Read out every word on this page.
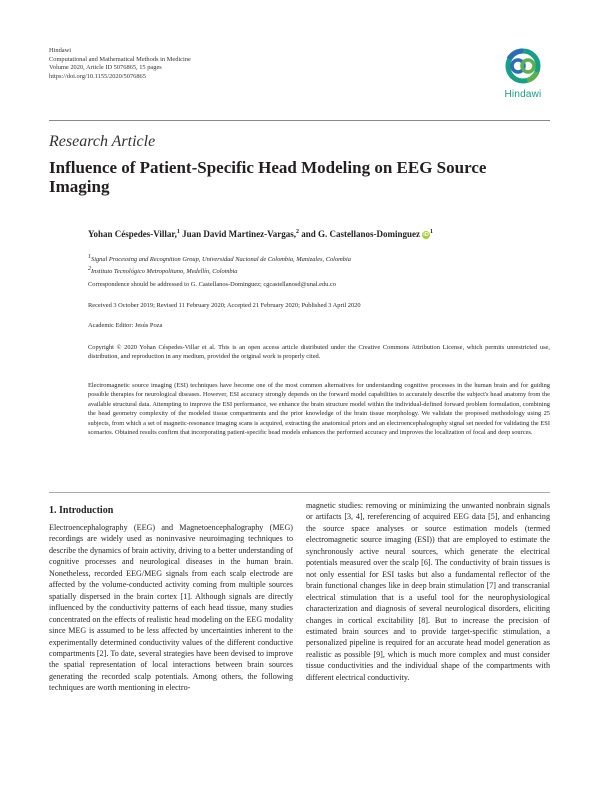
Hindawi
Computational and Mathematical Methods in Medicine
Volume 2020, Article ID 5076865, 15 pages
https://doi.org/10.1155/2020/5076865
Hindawi
Research Article
Influence of Patient-Specific Head Modeling on EEG Source Imaging
Yohan Céspedes-Villar,$^1$ Juan David Martinez-Vargas,$^2$ and G. Castellanos-Dominguez $iD^1$
$^1$Signal Processing and Recognition Group, Universidad Nacional de Colombia, Manizales, Colombia
$^2$Instituto Tecnológico Metropolitano, Medellín, Colombia
Correspondence should be addressed to G. Castellanos-Dominguez; cgcastellanosd@unal.edu.co
Received 3 October 2019; Revised 11 February 2020; Accepted 21 February 2020; Published 3 April 2020
Academic Editor: Jesús Poza
Copyright © 2020 Yohan Céspedes-Villar et al. This is an open access article distributed under the Creative Commons Attribution License, which permits unrestricted use, distribution, and reproduction in any medium, provided the original work is properly cited.
Electromagnetic source imaging (ESI) techniques have become one of the most common alternatives for understanding cognitive processes in the human brain and for guiding possible therapies for neurological diseases. However, ESI accuracy strongly depends on the forward model capabilities to accurately describe the subject's head anatomy from the available structural data. Attempting to improve the ESI performance, we enhance the brain structure model within the individual-defined forward problem formulation, combining the head geometry complexity of the modeled tissue compartments and the prior knowledge of the brain tissue morphology. We validate the proposed methodology using 25 subjects, from which a set of magnetic-resonance imaging scans is acquired, extracting the anatomical priors and an electroencephalography signal set needed for validating the ESI scenarios. Obtained results confirm that incorporating patient-specific head models enhances the performed accuracy and improves the localization of focal and deep sources.
1. Introduction
Electroencephalography (EEG) and Magnetoencephalography (MEG) recordings are widely used as noninvasive neuroimaging techniques to describe the dynamics of brain activity, driving to a better understanding of cognitive processes and neurological diseases in the human brain. Nonetheless, recorded EEG/MEG signals from each scalp electrode are affected by the volume-conducted activity coming from multiple sources spatially dispersed in the brain cortex [1]. Although signals are directly influenced by the conductivity patterns of each head tissue, many studies concentrated on the effects of realistic head modeling on the EEG modality since MEG is assumed to be less affected by uncertainties inherent to the experimentally determined conductivity values of the different conductive compartments [2]. To date, several strategies have been devised to improve the spatial representation of local interactions between brain sources generating the recorded scalp potentials. Among others, the following techniques are worth mentioning in electro-
magnetic studies: removing or minimizing the unwanted nonbrain signals or artifacts [3, 4], rereferencing of acquired EEG data [5], and enhancing the source space analyses or source estimation models (termed electromagnetic source imaging (ESI)) that are employed to estimate the synchronously active neural sources, which generate the electrical potentials measured over the scalp [6]. The conductivity of brain tissues is not only essential for ESI tasks but also a fundamental reflector of the brain functional changes like in deep brain stimulation [7] and transcranial electrical stimulation that is a useful tool for the neurophysiological characterization and diagnosis of several neurological disorders, eliciting changes in cortical excitability [8]. But to increase the precision of estimated brain sources and to provide target-specific stimulation, a personalized pipeline is required for an accurate head model generation as realistic as possible [9], which is much more complex and must consider tissue conductivities and the individual shape of the compartments with different electrical conductivity.
